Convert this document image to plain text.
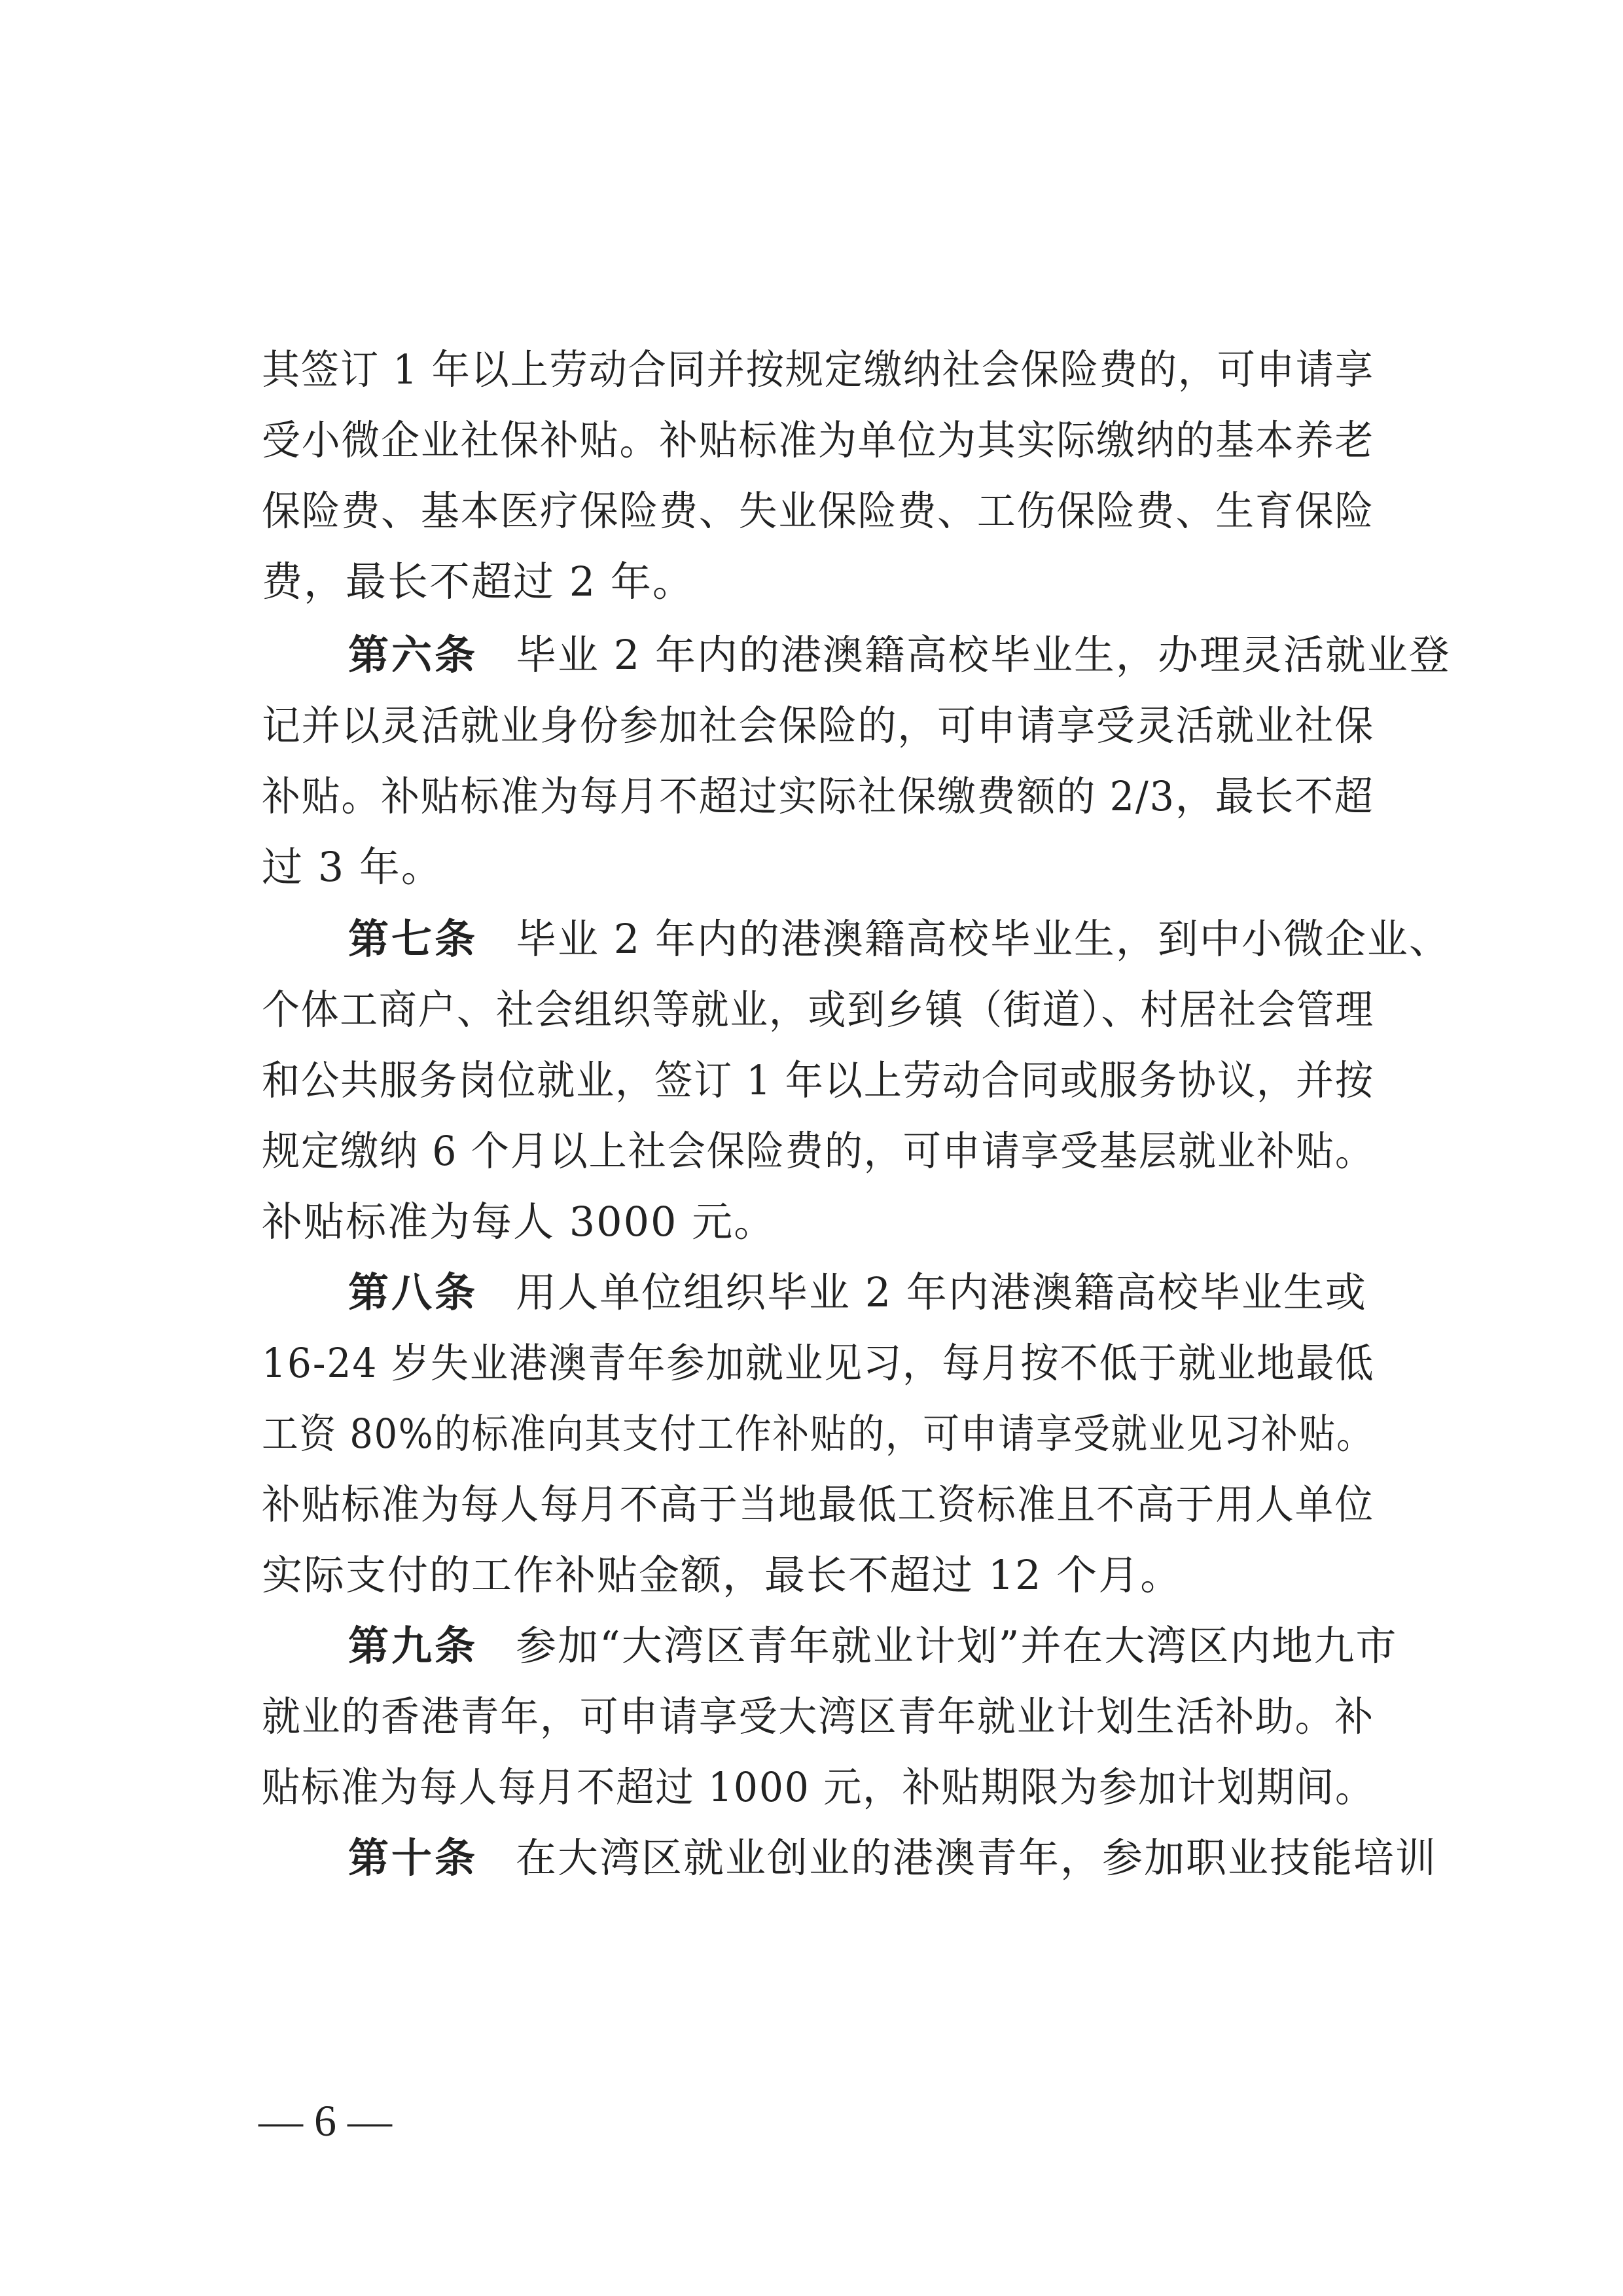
其签订 1 年以上劳动合同并按规定缴纳社会保险费的，可申请享
受小微企业社保补贴。补贴标准为单位为其实际缴纳的基本养老
保险费、基本医疗保险费、失业保险费、工伤保险费、生育保险
费，最长不超过 2 年。
第六条 毕业 2 年内的港澳籍高校毕业生，办理灵活就业登
记并以灵活就业身份参加社会保险的，可申请享受灵活就业社保
补贴。补贴标准为每月不超过实际社保缴费额的 2/3，最长不超
过 3 年。
第七条 毕业 2 年内的港澳籍高校毕业生，到中小微企业、
个体工商户、社会组织等就业，或到乡镇（街道）、村居社会管理
和公共服务岗位就业，签订 1 年以上劳动合同或服务协议，并按
规定缴纳 6 个月以上社会保险费的，可申请享受基层就业补贴。
补贴标准为每人 3000 元。
第八条 用人单位组织毕业 2 年内港澳籍高校毕业生或
16-24 岁失业港澳青年参加就业见习，每月按不低于就业地最低
工资 80%的标准向其支付工作补贴的，可申请享受就业见习补贴。
补贴标准为每人每月不高于当地最低工资标准且不高于用人单位
实际支付的工作补贴金额，最长不超过 12 个月。
第九条 参加“大湾区青年就业计划”并在大湾区内地九市
就业的香港青年，可申请享受大湾区青年就业计划生活补助。补
贴标准为每人每月不超过 1000 元，补贴期限为参加计划期间。
第十条 在大湾区就业创业的港澳青年，参加职业技能培训
— 6 —
